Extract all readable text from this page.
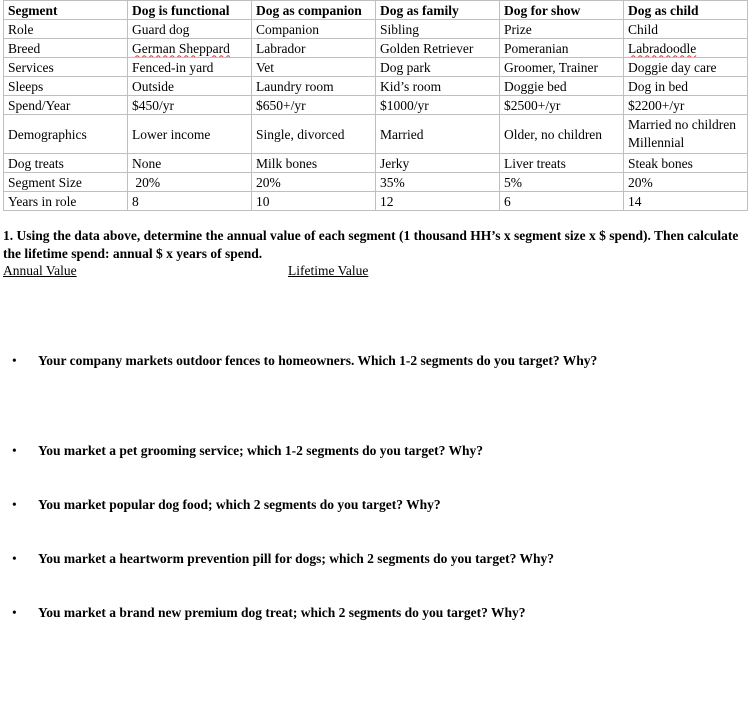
Segment	Dog is functional	Dog as companion	Dog as family	Dog for show	Dog as child
Role	Guard dog	Companion	Sibling	Prize	Child
Breed	German Sheppard	Labrador	Golden Retriever	Pomeranian	Labradoodle
Services	Fenced-in yard	Vet	Dog park	Groomer, Trainer	Doggie day care
Sleeps	Outside	Laundry room	Kid’s room	Doggie bed	Dog in bed
Spend/Year	$450/yr	$650+/yr	$1000/yr	$2500+/yr	$2200+/yr
Demographics	Lower income	Single, divorced	Married	Older, no children	Married no children Millennial
Dog treats	None	Milk bones	Jerky	Liver treats	Steak bones
Segment Size	20%	20%	35%	5%	20%
Years in role	8	10	12	6	14
1. Using the data above, determine the annual value of each segment (1 thousand HH’s x segment size x $ spend). Then calculate the lifetime spend: annual $ x years of spend.
Annual Value	Lifetime Value
• Your company markets outdoor fences to homeowners. Which 1-2 segments do you target? Why?
• You market a pet grooming service; which 1-2 segments do you target? Why?
• You market popular dog food; which 2 segments do you target? Why?
• You market a heartworm prevention pill for dogs; which 2 segments do you target? Why?
• You market a brand new premium dog treat; which 2 segments do you target? Why?
